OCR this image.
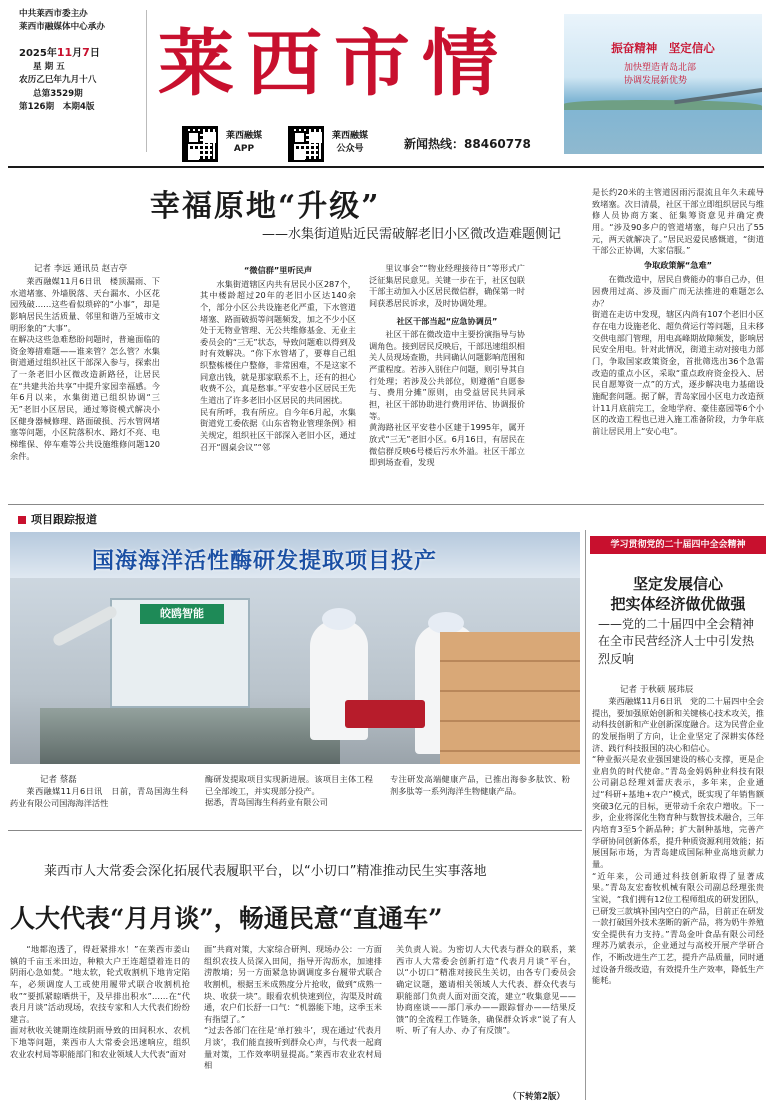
中共莱西市委主办
莱西市融媒体中心承办
2025年11月7日
星 期 五
农历乙巳年九月十八
总第3529期
第126期　本期4版
莱西市情
莱西融媒
APP
莱西融媒
公众号	新闻热线：88460778
振奋精神　坚定信心
加快塑造青岛北部
协调发展新优势
幸福原地“升级”
——水集街道贴近民需破解老旧小区微改造难题侧记
记者 李远 通讯员 赵吉亭

莱西融媒11月6日讯　楼顶漏雨、下水道堵塞、外墙脱落、天台漏水、小区花园残破……这些看似琐碎的“小事”，却是影响居民生活质量、邻里和谐乃至城市文明形象的“大事”。
在解决这些急难愁盼问题时，普遍面临的资金筹措难题——谁来管？怎么管？水集街道通过组织社区干部深入参与，探索出了一条老旧小区微改造新路径，让居民在“共建共治共享”中提升家园幸福感。今年6月以来，水集街道已组织协调“三无”老旧小区居民，通过筹资模式解决小区健身器械修理、路面破损、污水管网堵塞等问题，小区院落积水、路灯不亮、电梯维保、停车难等公共设施维修问题120余件。

“微信群”里听民声

水集街道辖区内共有居民小区287个，其中楼龄超过20年的老旧小区达140余个，部分小区公共设施老化严重，下水管道堵塞、路面破损等问题频发，加之不少小区处于无物业管理、无公共维修基金、无业主委员会的“三无”状态，导致问题难以得到及时有效解决。“你下水管堵了，要尊自己组织整栋楼住户整修，非常困难，不是这家不同意出钱，就是那家联系不上，还有的担心收费不公，真是愁事。”平安巷小区居民王先生道出了许多老旧小区居民的共同困扰。
民有所呼，我有所应。自今年6月起，水集街道党工委依据《山东省物业管理条例》相关规定，组织社区干部深入老旧小区，通过召开“圆桌会议”“邻

里议事会”“物业经理接待日”等形式广泛征集居民意见。关键一步在于，社区包联干部主动加入小区居民微信群，确保第一时间获悉居民诉求，及时协调处理。

社区干部当起“应急协调员”

社区干部在微改造中主要扮演指导与协调角色。接到居民反映后，干部迅速组织相关人员现场查勘，共同确认问题影响范围和严重程度。若涉入别住户问题，则引导其自行处理；若涉及公共部位，则遵循“自愿参与、费用分摊”原则，由受益居民共同承担，社区干部协助进行费用评估、协调报价等。
黄海路社区平安巷小区建于1995年，属开放式“三无”老旧小区。6月16日，有居民在微信群反映6号楼后污水外溢。社区干部立即到场查看，发现

是长约20米的主管道因雨污混流且年久未疏导致堵塞。次日清晨，社区干部立即组织居民与维修人员协商方案、征集筹资意见并确定费用。“涉及90多户的管道堵塞，每户只出了55元，两天就解决了。”居民迟爱民感慨道，“街道干部公正协调，大家信服。”

争取政策解“急难”

在微改造中，居民自费能办的事自己办，但因费用过高、涉及面广而无法推进的难题怎么办？
街道在走访中发现，辖区内尚有107个老旧小区存在电力设施老化、超负荷运行等问题，且未移交供电部门管理，用电高峰期故障频发，影响居民安全用电。针对此情况，街道主动对接电力部门，争取国家政策资金，首批筛选出36个急需改造的重点小区，采取“重点政府资金投入、居民自愿筹资一点”的方式，逐步解决电力基础设施配套问题。据了解，青岛家园小区电力改造预计11月底前完工，金地学府、豪佳嘉园等6个小区的改造工程也已进入施工准备阶段，力争年底前让居民用上“安心电”。

项目跟踪报道
国海海洋活性酶研发提取项目投产
皎鸥智能
记者 蔡磊

莱西融媒11月6日讯　日前，青岛国海生科药业有限公司国海海洋活性

酶研发提取项目实现新进展。该项目主体工程已全部竣工，并实现部分投产。
据悉，青岛国海生科药业有限公司

专注研发高端健康产品，已推出海参多肽饮、粉剂多肽等一系列海洋生物健康产品。

莱西市人大常委会深化拓展代表履职平台，以“小切口”精准推动民生实事落地
人大代表“月月谈”，畅通民意“直通车”

“地都泡透了，得赶紧排水！”在莱西市姜山镇的千亩玉米田边，种粮大户王连超望着连日的阴雨心急如焚。“地太软，轮式收割机下地肯定陷车，必须调度人工或使用履带式联合收割机抢收”“要抓紧晾晒烘干，及早排出积水”……在“代表月月谈”活动现场，农技专家和人大代表们纷纷建言。
面对秋收关键期连续阴雨导致的田间积水、农机下地等问题，莱西市人大常委会迅速响应，组织农业农村局等职能部门和农业领域人大代表“面对

面”共商对策，大家综合研判、现场办公：一方面组织农技人员深入田间，指导开沟沥水，加速排涝散墒；另一方面紧急协调调度多台履带式联合收割机，根据玉米成熟度分片抢收，做到“成熟一块、收获一块”。眼看农机快速到位，沟渠及时疏通，农户们长舒一口气：“机器能下地，这季玉米有指望了。”
“过去各部门在往是‘单打独斗’，现在通过‘代表月月谈’，我们能直接听到群众心声，与代表一起商量对策，工作效率明显提高。”莱西市农业农村局相

关负责人说。为密切人大代表与群众的联系，莱西市人大常委会创新打造“代表月月谈”平台，以“小切口”精准对接民生关切，由各专门委员会确定议题，邀请相关领域人大代表、群众代表与职能部门负责人面对面交流，建立“收集意见——协商座谈——部门承办——跟踪督办——结果反馈”的全流程工作链条，确保群众诉求“说了有人听、听了有人办、办了有反馈”。

（下转第2版）
学习贯彻党的二十届四中全会精神
坚定发展信心
把实体经济做优做强
——党的二十届四中全会精神在全市民营经济人士中引发热烈反响
记者 于秋硕 展玮辰

莱西融媒11月6日讯　党的二十届四中全会提出，要加强原始创新和关键核心技术攻关，推动科技创新和产业创新深度融合。这为民营企业的发展指明了方向，让企业坚定了深耕实体经济、践行科技报国的决心和信心。
“种业振兴是农业强国建设的核心支撑，更是企业肩负的时代使命。”青岛金妈妈种业科技有限公司副总经理刘蕾庆表示，多年来，企业通过“科研+基地+农户”模式，既实现了年销售额突破3亿元的目标，更带动千余农户增收。下一步，企业将深化生物育种与数智技术融合，三年内培育3至5个新品种；扩大制种基地，完善产学研协同创新体系，提升种质资源利用效能；拓展国际市场，为青岛建成国际种业高地贡献力量。
“近年来，公司通过科技创新取得了显著成果。”青岛友宏畜牧机械有限公司副总经理张贵宝说，“我们拥有12位工程师组成的研发团队，已研发三款填补国内空白的产品，目前正在研发一款打破国外技术垄断的新产品，将为奶牛养殖安全提供有力支持。”青岛金叶食品有限公司经理苏乃斌表示，企业通过与高校开展产学研合作，不断改进生产工艺，提升产品质量，同时通过设备升级改造，有效提升生产效率，降低生产能耗。
